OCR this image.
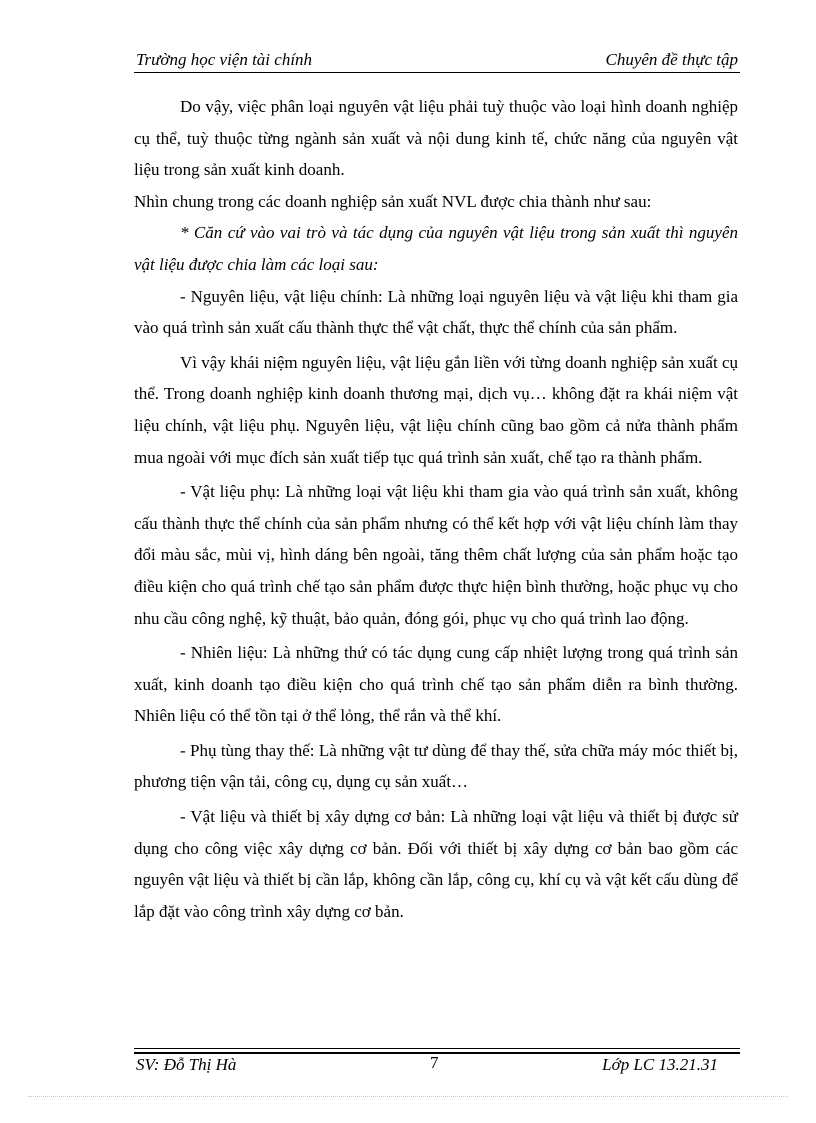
Trường học viện tài chính	Chuyên đề thực tập

Do vậy, việc phân loại nguyên vật liệu phải tuỳ thuộc vào loại hình doanh nghiệp cụ thể, tuỳ thuộc từng ngành sản xuất và nội dung kinh tế, chức năng của nguyên vật liệu trong sản xuất kinh doanh.

Nhìn chung trong các doanh nghiệp sản xuất NVL được chia thành như sau:

* Căn cứ vào vai trò và tác dụng của nguyên vật liệu trong sản xuất thì nguyên vật liệu được chia làm các loại sau:

- Nguyên liệu, vật liệu chính: Là những loại nguyên liệu và vật liệu khi tham gia vào quá trình sản xuất cấu thành thực thể vật chất, thực thể chính của sản phẩm.

Vì vậy khái niệm nguyên liệu, vật liệu gắn liền với từng doanh nghiệp sản xuất cụ thể. Trong doanh nghiệp kinh doanh thương mại, dịch vụ… không đặt ra khái niệm vật liệu chính, vật liệu phụ. Nguyên liệu, vật liệu chính cũng bao gồm cả nửa thành phẩm mua ngoài với mục đích sản xuất tiếp tục quá trình sản xuất, chế tạo ra thành phẩm.

- Vật liệu phụ: Là những loại vật liệu khi tham gia vào quá trình sản xuất, không cấu thành thực thể chính của sản phẩm nhưng có thể kết hợp với vật liệu chính làm thay đổi màu sắc, mùi vị, hình dáng bên ngoài, tăng thêm chất lượng của sản phẩm hoặc tạo điều kiện cho quá trình chế tạo sản phẩm được thực hiện bình thường, hoặc phục vụ cho nhu cầu công nghệ, kỹ thuật, bảo quản, đóng gói, phục vụ cho quá trình lao động.

- Nhiên liệu: Là những thứ có tác dụng cung cấp nhiệt lượng trong quá trình sản xuất, kinh doanh tạo điều kiện cho quá trình chế tạo sản phẩm diễn ra bình thường. Nhiên liệu có thể tồn tại ở thể lỏng, thể rắn và thể khí.

- Phụ tùng thay thế: Là những vật tư dùng để thay thế, sửa chữa máy móc thiết bị, phương tiện vận tải, công cụ, dụng cụ sản xuất…

- Vật liệu và thiết bị xây dựng cơ bản: Là những loại vật liệu và thiết bị được sử dụng cho công việc xây dựng cơ bản. Đối với thiết bị xây dựng cơ bản bao gồm các nguyên vật liệu và thiết bị cần lắp, không cần lắp, công cụ, khí cụ và vật kết cấu dùng để lắp đặt vào công trình xây dựng cơ bản.

SV: Đỗ Thị Hà	7	Lớp LC 13.21.31
